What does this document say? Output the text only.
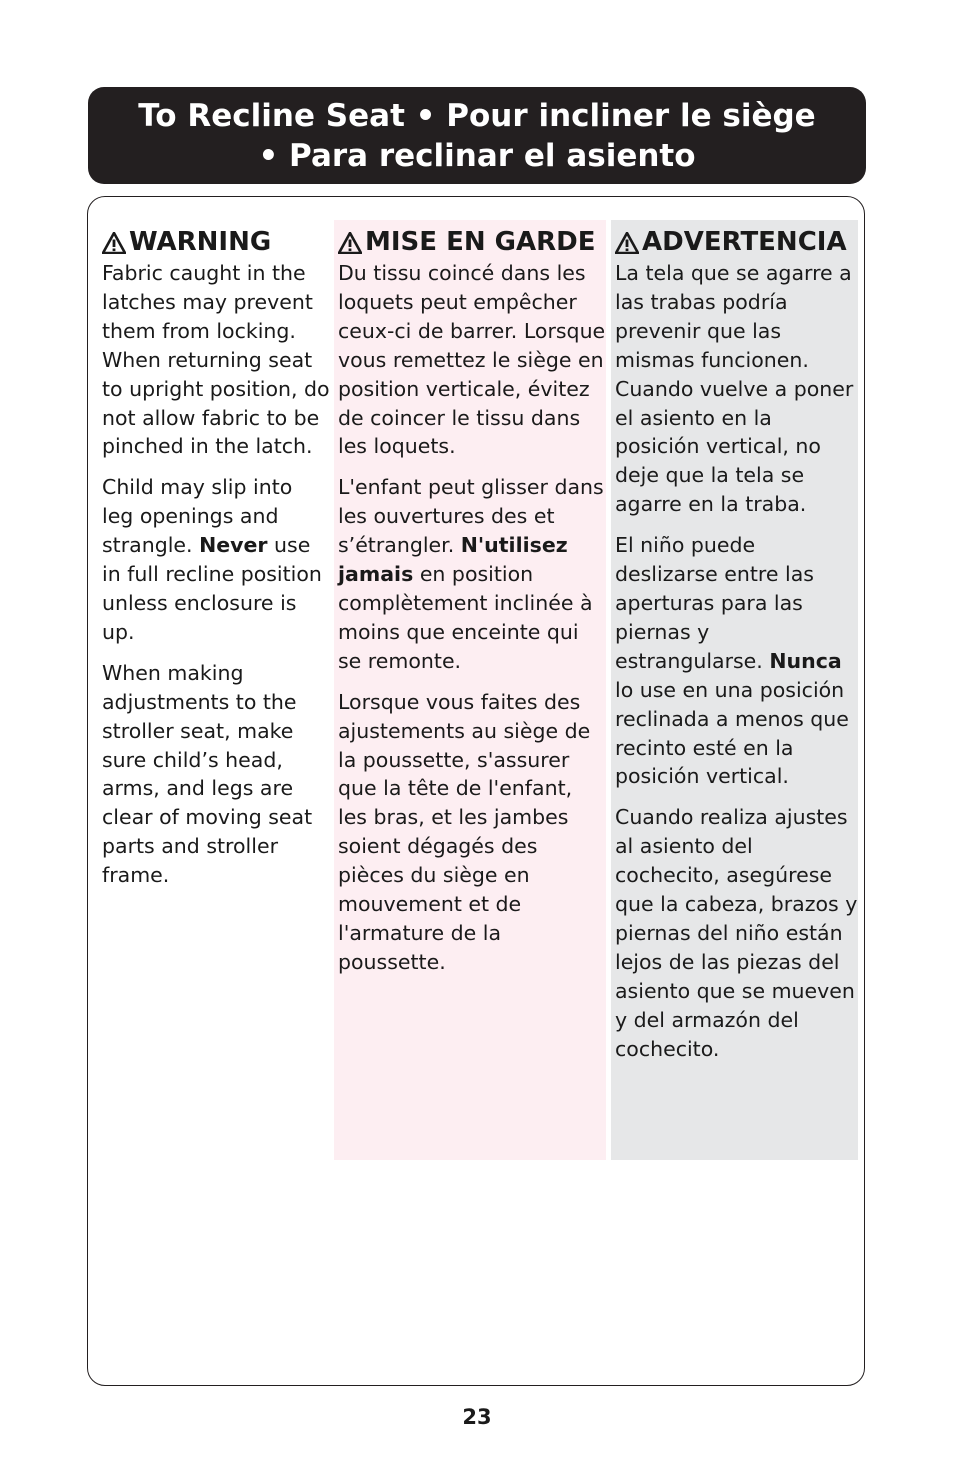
To Recline Seat • Pour incliner le siège
• Para reclinar el asiento
WARNING

Fabric caught in the latches may prevent them from locking. When returning seat to upright position, do not allow fabric to be pinched in the latch.

Child may slip into leg openings and strangle. Never use in full recline position unless enclosure is up.

When making adjustments to the stroller seat, make sure child’s head, arms, and legs are clear of moving seat parts and stroller frame.

MISE EN GARDE

Du tissu coincé dans les loquets peut empêcher ceux-ci de barrer. Lorsque vous remettez le siège en position verticale, évitez de coincer le tissu dans les loquets.

L'enfant peut glisser dans les ouvertures des et s’étrangler. N'utilisez jamais en position complètement inclinée à moins que enceinte qui se remonte.

Lorsque vous faites des ajustements au siège de la poussette, s'assurer que la tête de l'enfant, les bras, et les jambes soient dégagés des pièces du siège en mouvement et de l'armature de la poussette.

ADVERTENCIA

La tela que se agarre a las trabas podría prevenir que las mismas funcionen. Cuando vuelve a poner el asiento en la posición vertical, no deje que la tela se agarre en la traba.

El niño puede deslizarse entre las aperturas para las piernas y estrangularse. Nunca lo use en una posición reclinada a menos que recinto esté en la posición vertical.

Cuando realiza ajustes al asiento del cochecito, asegúrese que la cabeza, brazos y piernas del niño están lejos de las piezas del asiento que se mueven y del armazón del cochecito.

23
